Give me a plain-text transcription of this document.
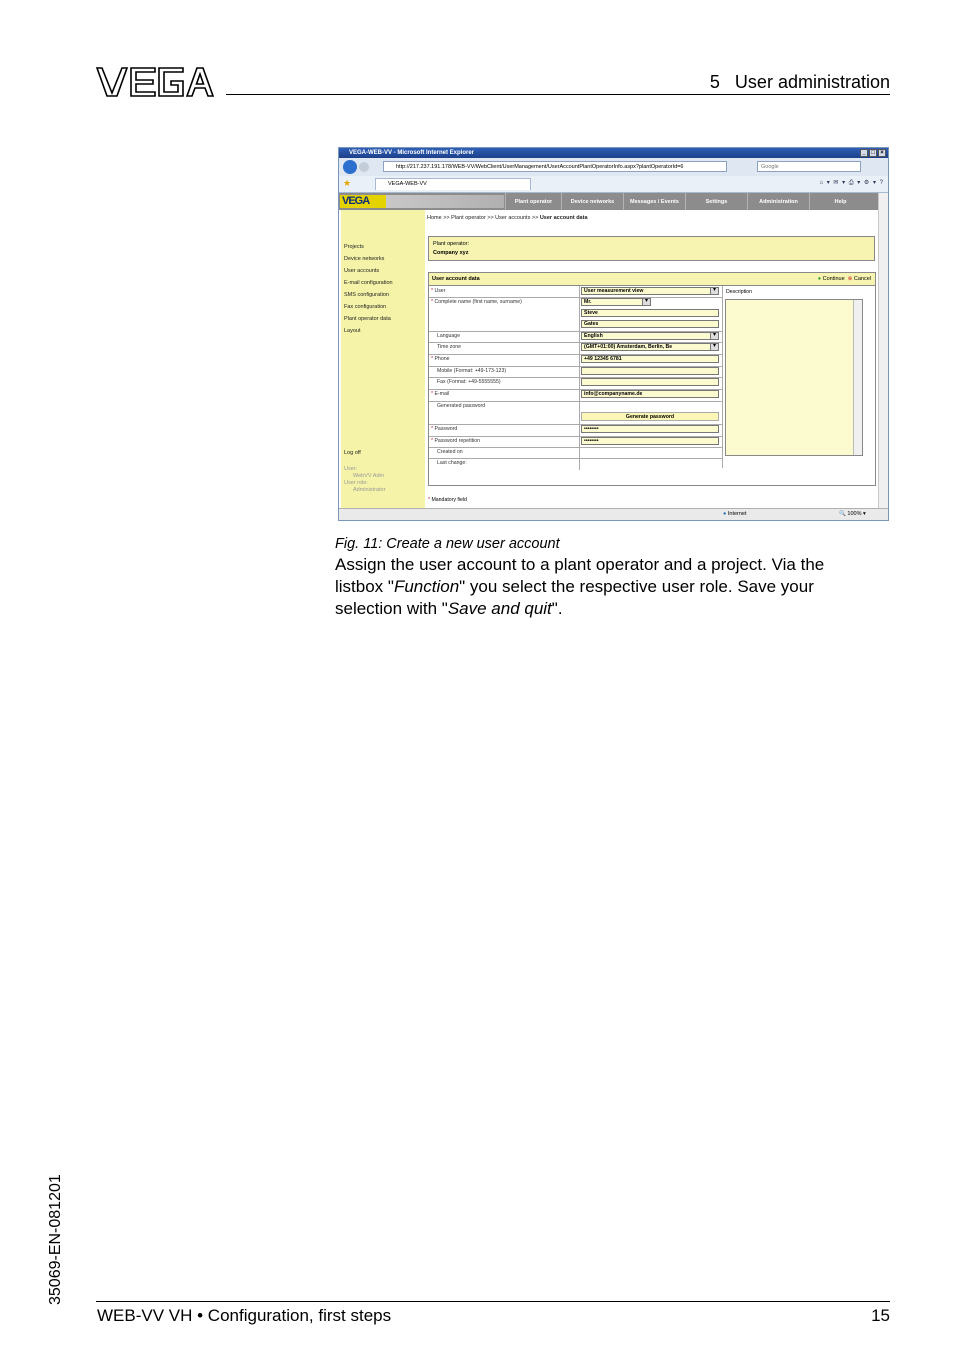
5   User administration
VEGA-WEB-VV - Microsoft Internet Explorer	_ □ ×
http://217.237.191.178/WEB-VV/WebClient/UserManagement/UserAccountPlantOperatorInfo.aspx?plantOperatorId=6	Google
★	VEGA-WEB-VV	⌂ ▾ ✉ ▾ ⎙ ▾ ⚙ ▾ ?
VEGA	Plant operator	Device networks	Messages / Events	Settings	Administration	Help
Projects
Device networks
User accounts
E-mail configuration
SMS configuration
Fax configuration
Plant operator data
Layout
Log off
User:
WebVV Adm
User role:
Administrator
Home >> Plant operator >> User accounts >> User account data
Plant operator:
Company xyz
User account data	● Continue ⊗ Cancel
* User	User measurement view ▾
* Complete name (first name, surname)	Mr. ▾
Steve
Gates
Language	English ▾
Time zone	(GMT+01:00) Amsterdam, Berlin, Be ▾
* Phone	+49 12345 6781
Mobile (Format: +49-173-123)
Fax (Format: +49-5555555)
* E-mail	info@companyname.de
Generated password
Generate password
* Password	••••••••
* Password repetition	••••••••
Created on
Last change:
Description
* Mandatory field
● Internet	🔍 100% ▾
Fig. 11: Create a new user account
Assign the user account to a plant operator and a project. Via the listbox "Function" you select the respective user role. Save your selection with "Save and quit".
35069-EN-081201
WEB-VV VH • Configuration, first steps	15
